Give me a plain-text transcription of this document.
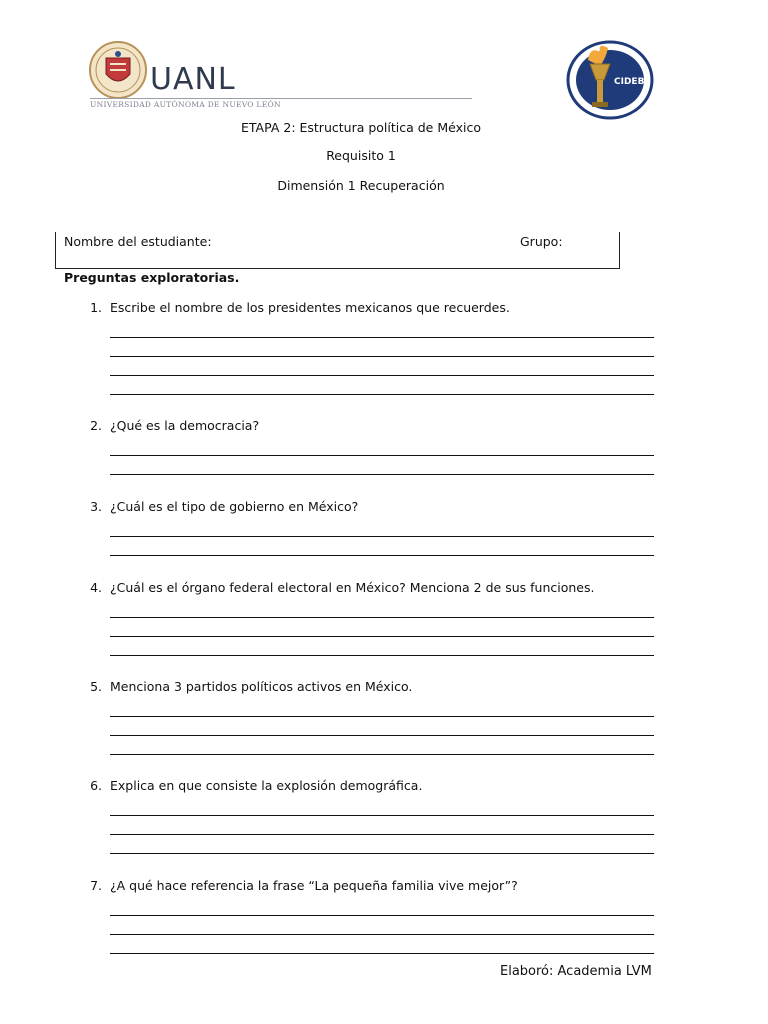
UANL
UNIVERSIDAD AUTÓNOMA DE NUEVO LEÓN
CIDEB
ETAPA 2: Estructura política de México
Requisito 1
Dimensión 1 Recuperación
Nombre del estudiante:	Grupo:
Preguntas exploratorias.
1. Escribe el nombre de los presidentes mexicanos que recuerdes.
2. ¿Qué es la democracia?
3. ¿Cuál es el tipo de gobierno en México?
4. ¿Cuál es el órgano federal electoral en México? Menciona 2 de sus funciones.
5. Menciona 3 partidos políticos activos en México.
6. Explica en que consiste la explosión demográfica.
7. ¿A qué hace referencia la frase “La pequeña familia vive mejor”?
Elaboró: Academia LVM
